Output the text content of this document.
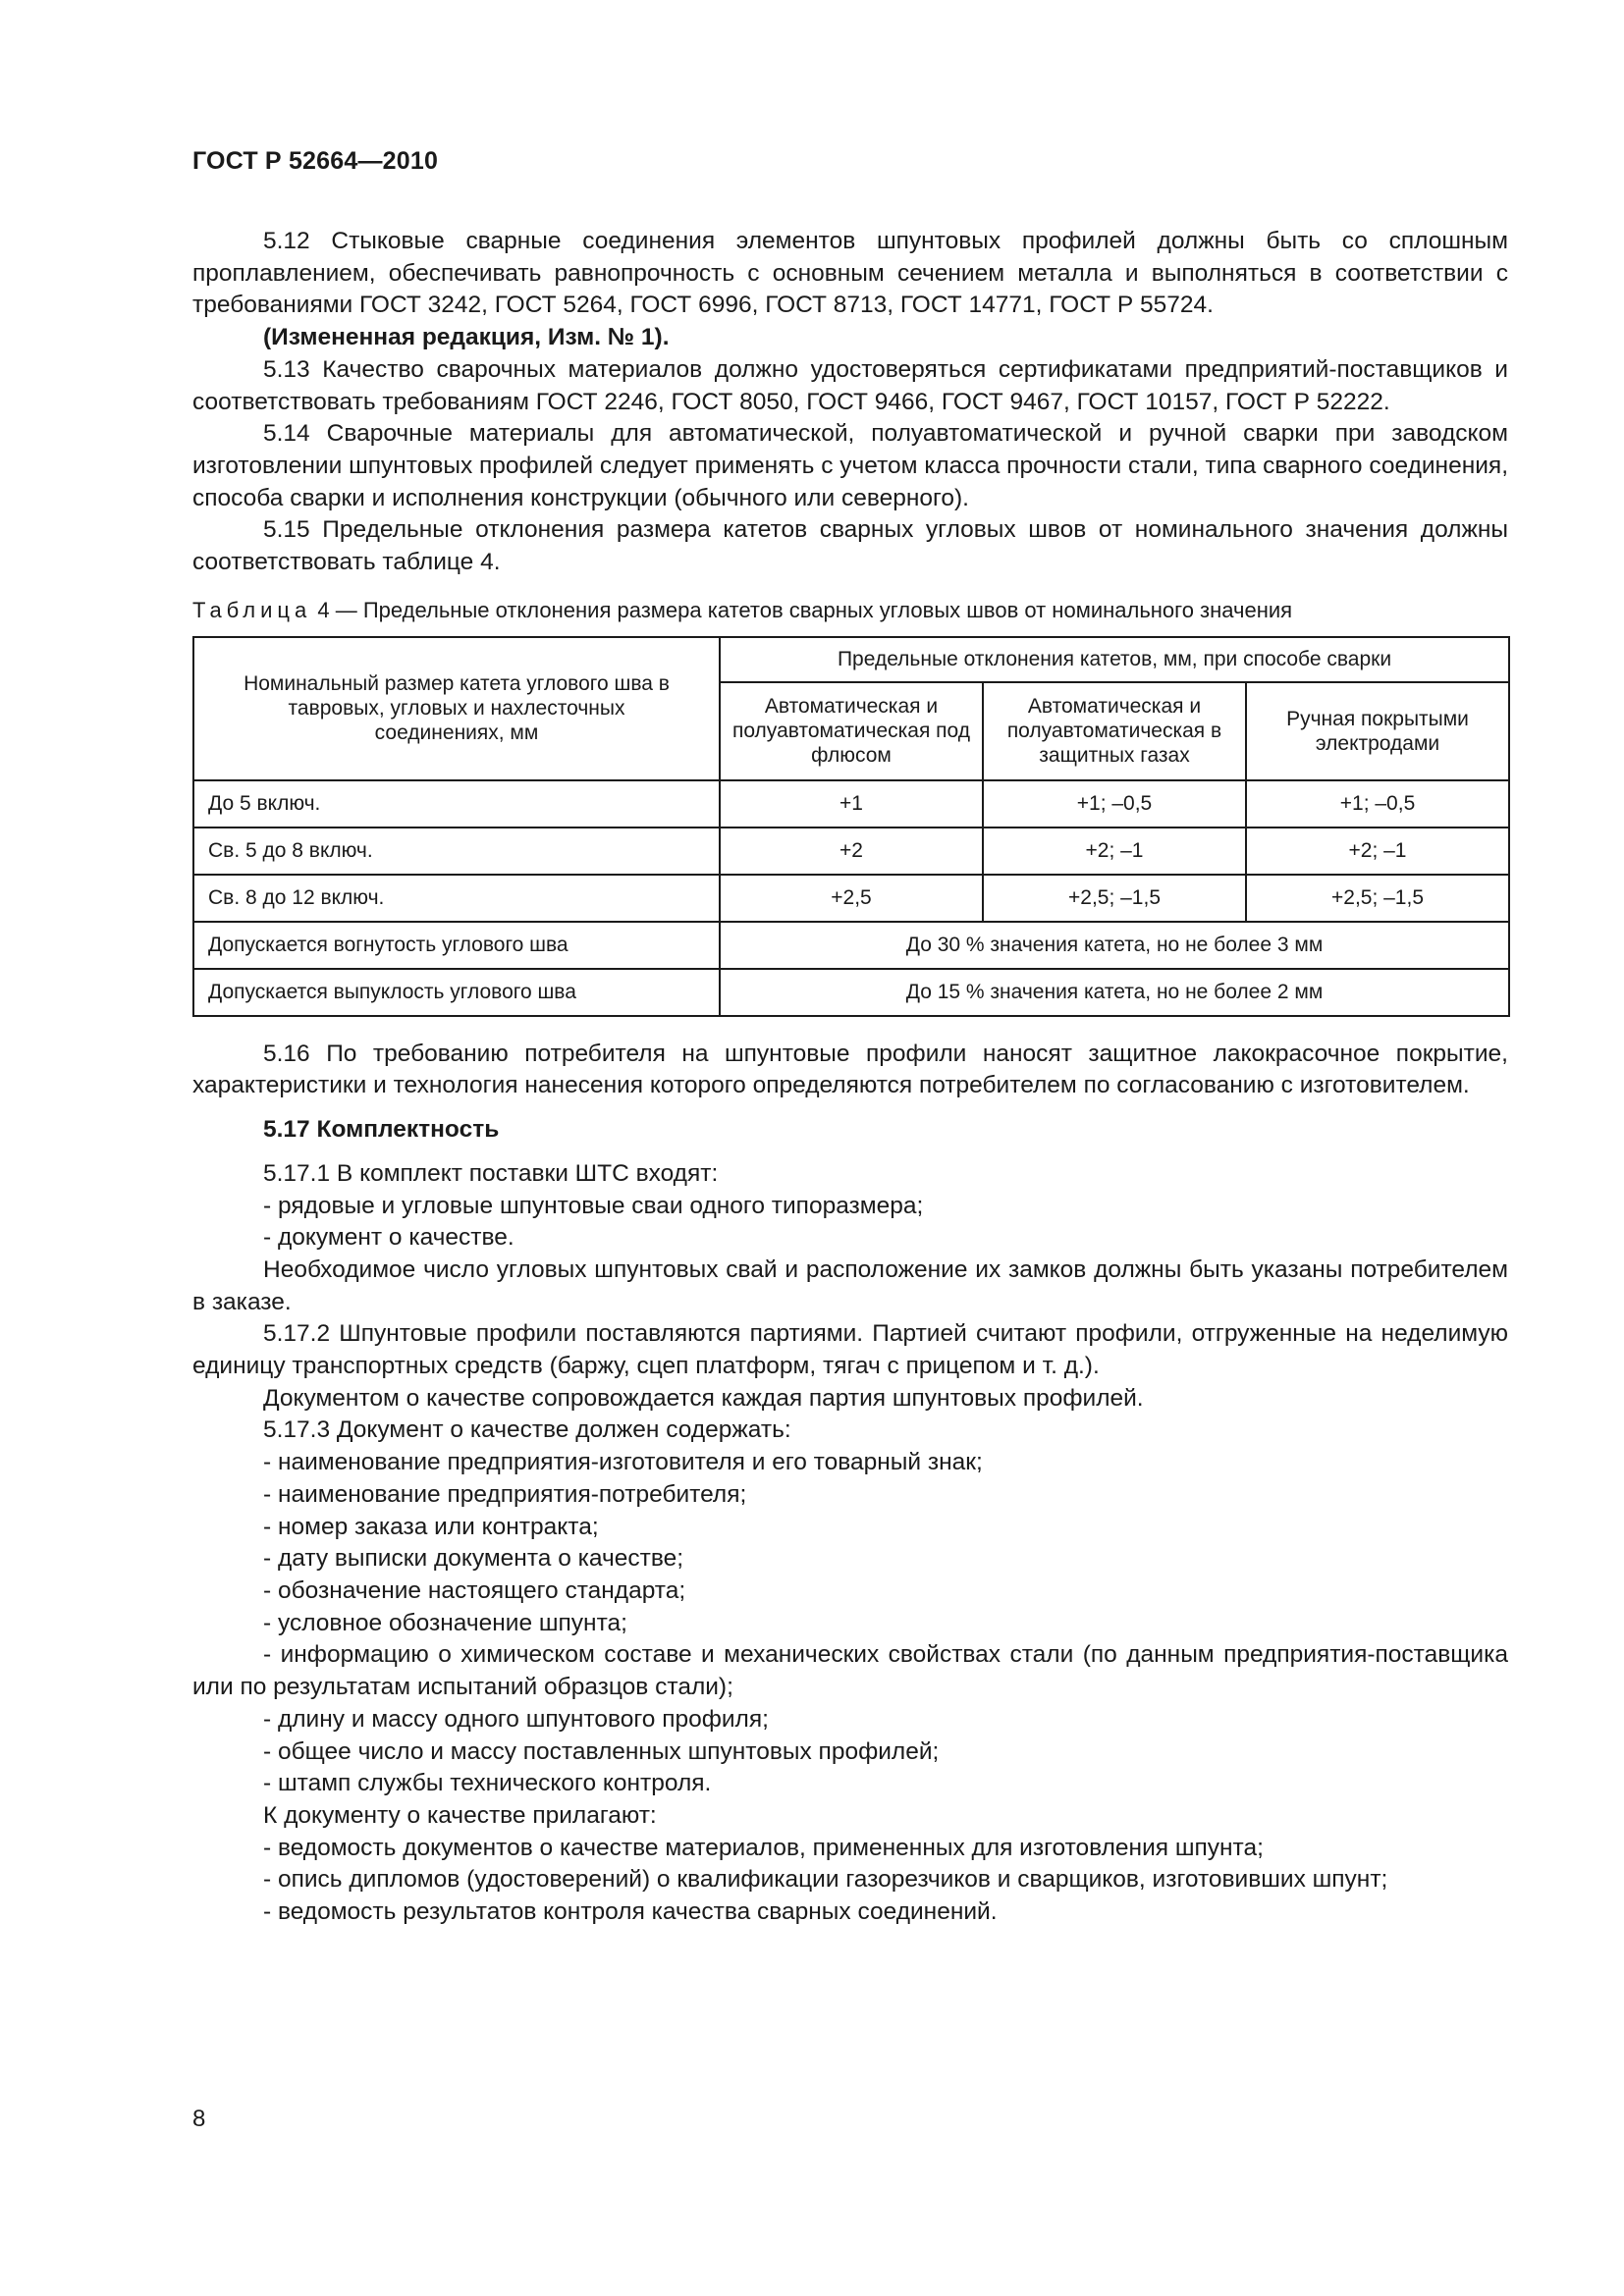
ГОСТ Р 52664—2010

5.12 Стыковые сварные соединения элементов шпунтовых профилей должны быть со сплошным проплавлением, обеспечивать равнопрочность с основным сечением металла и выполняться в соответствии с требованиями ГОСТ 3242, ГОСТ 5264, ГОСТ 6996, ГОСТ 8713, ГОСТ 14771, ГОСТ Р 55724.

(Измененная редакция, Изм. № 1).

5.13 Качество сварочных материалов должно удостоверяться сертификатами предприятий-поставщиков и соответствовать требованиям ГОСТ 2246, ГОСТ 8050, ГОСТ 9466, ГОСТ 9467, ГОСТ 10157, ГОСТ Р 52222.

5.14 Сварочные материалы для автоматической, полуавтоматической и ручной сварки при заводском изготовлении шпунтовых профилей следует применять с учетом класса прочности стали, типа сварного соединения, способа сварки и исполнения конструкции (обычного или северного).

5.15 Предельные отклонения размера катетов сварных угловых швов от номинального значения должны соответствовать таблице 4.

Таблица 4 — Предельные отклонения размера катетов сварных угловых швов от номинального значения
Номинальный размер катета углового шва в тавровых, угловых и нахлесточных соединениях, мм	Предельные отклонения катетов, мм, при способе сварки		
	Автоматическая и полуавтоматическая под флюсом	Автоматическая и полуавтоматическая в защитных газах	Ручная покрытыми электродами
До 5 включ.	+1	+1; –0,5	+1; –0,5
Св. 5 до 8 включ.	+2	+2; –1	+2; –1
Св. 8 до 12 включ.	+2,5	+2,5; –1,5	+2,5; –1,5
Допускается вогнутость углового шва	До 30 % значения катета, но не более 3 мм		
Допускается выпуклость углового шва	До 15 % значения катета, но не более 2 мм		

5.16 По требованию потребителя на шпунтовые профили наносят защитное лакокрасочное покрытие, характеристики и технология нанесения которого определяются потребителем по согласованию с изготовителем.

5.17 Комплектность

5.17.1 В комплект поставки ШТС входят:

- рядовые и угловые шпунтовые сваи одного типоразмера;

- документ о качестве.

Необходимое число угловых шпунтовых свай и расположение их замков должны быть указаны потребителем в заказе.

5.17.2 Шпунтовые профили поставляются партиями. Партией считают профили, отгруженные на неделимую единицу транспортных средств (баржу, сцеп платформ, тягач с прицепом и т. д.).

Документом о качестве сопровождается каждая партия шпунтовых профилей.

5.17.3 Документ о качестве должен содержать:

- наименование предприятия-изготовителя и его товарный знак;

- наименование предприятия-потребителя;

- номер заказа или контракта;

- дату выписки документа о качестве;

- обозначение настоящего стандарта;

- условное обозначение шпунта;

- информацию о химическом составе и механических свойствах стали (по данным предприятия-поставщика или по результатам испытаний образцов стали);

- длину и массу одного шпунтового профиля;

- общее число и массу поставленных шпунтовых профилей;

- штамп службы технического контроля.

К документу о качестве прилагают:

- ведомость документов о качестве материалов, примененных для изготовления шпунта;

- опись дипломов (удостоверений) о квалификации газорезчиков и сварщиков, изготовивших шпунт;

- ведомость результатов контроля качества сварных соединений.

8
